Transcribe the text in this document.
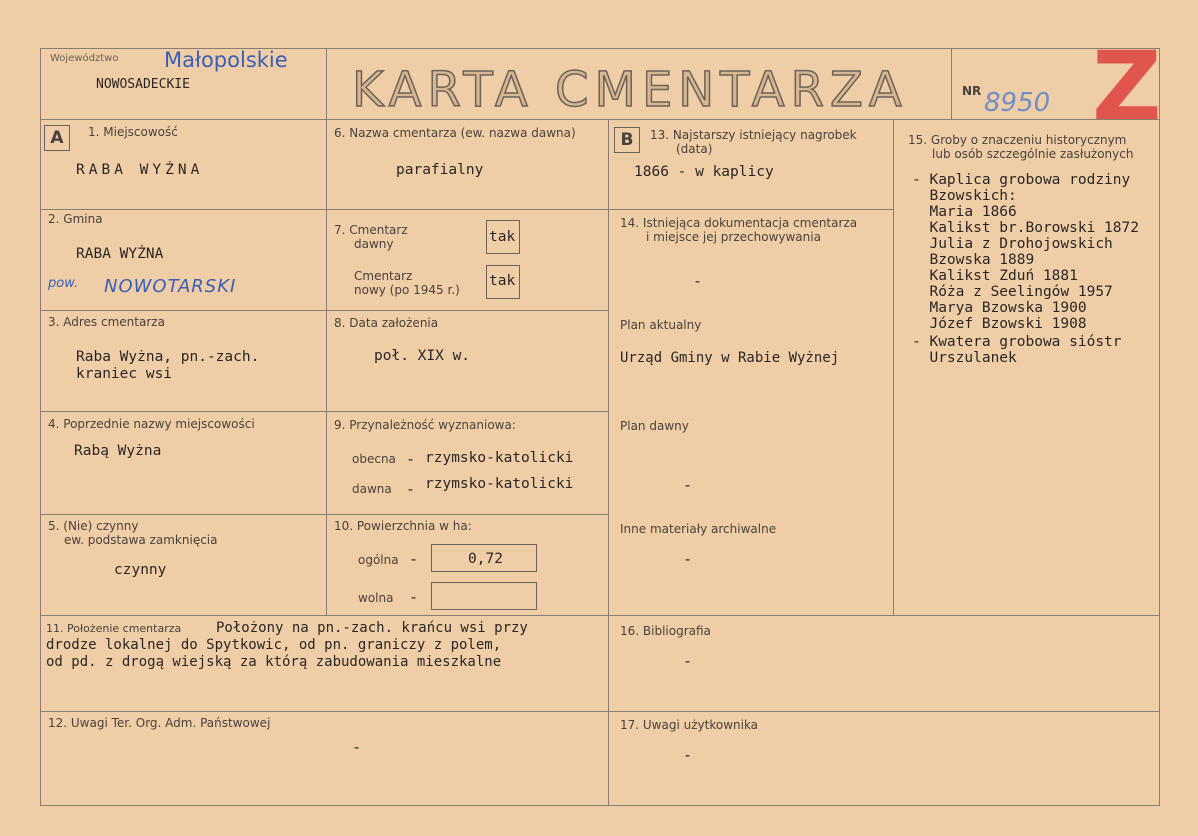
Województwo Małopolskie
NOWOSADECKIE	KARTA CMENTARZA	NR 8950 Z
A	B
1. Miejscowość
RABA WYŻNA
2. Gmina
RABA WYŻNA
pow. NOWOTARSKI
3. Adres cmentarza
Raba Wyżna, pn.-zach.
kraniec wsi
4. Poprzednie nazwy miejscowości
Rabą Wyżna
5. (Nie) czynny
ew. podstawa zamknięcia
czynny
6. Nazwa cmentarza (ew. nazwa dawna)
parafialny
7. Cmentarz
dawny	tak
Cmentarz
nowy (po 1945 r.)
tak
8. Data założenia
poł. XIX w.
9. Przynależność wyznaniowa:
obecna - rzymsko-katolicki
dawna - rzymsko-katolicki
10. Powierzchnia w ha:
ogólna -	0,72
wolna -
11. Położenie cmentarza Położony na pn.-zach. krańcu wsi przy
drodze lokalnej do Spytkowic, od pn. graniczy z polem,
od pd. z drogą wiejską za którą zabudowania mieszkalne
12. Uwagi Ter. Org. Adm. Państwowej
-
13. Najstarszy istniejący nagrobek
(data)
1866 - w kaplicy
14. Istniejąca dokumentacja cmentarza
i miejsce jej przechowywania
-
Plan aktualny
Urząd Gminy w Rabie Wyżnej
Plan dawny
-
Inne materiały archiwalne
-
15. Groby o znaczeniu historycznym
lub osób szczególnie zasłużonych
- Kaplica grobowa rodziny
Bzowskich:
Maria 1866
Kalikst br.Borowski 1872
Julia z Drohojowskich
Bzowska 1889
Kalikst Zduń 1881
Róża z Seelingów 1957
Marya Bzowska 1900
Józef Bzowski 1908
- Kwatera grobowa sióstr
Urszulanek
16. Bibliografia
-
17. Uwagi użytkownika
-
